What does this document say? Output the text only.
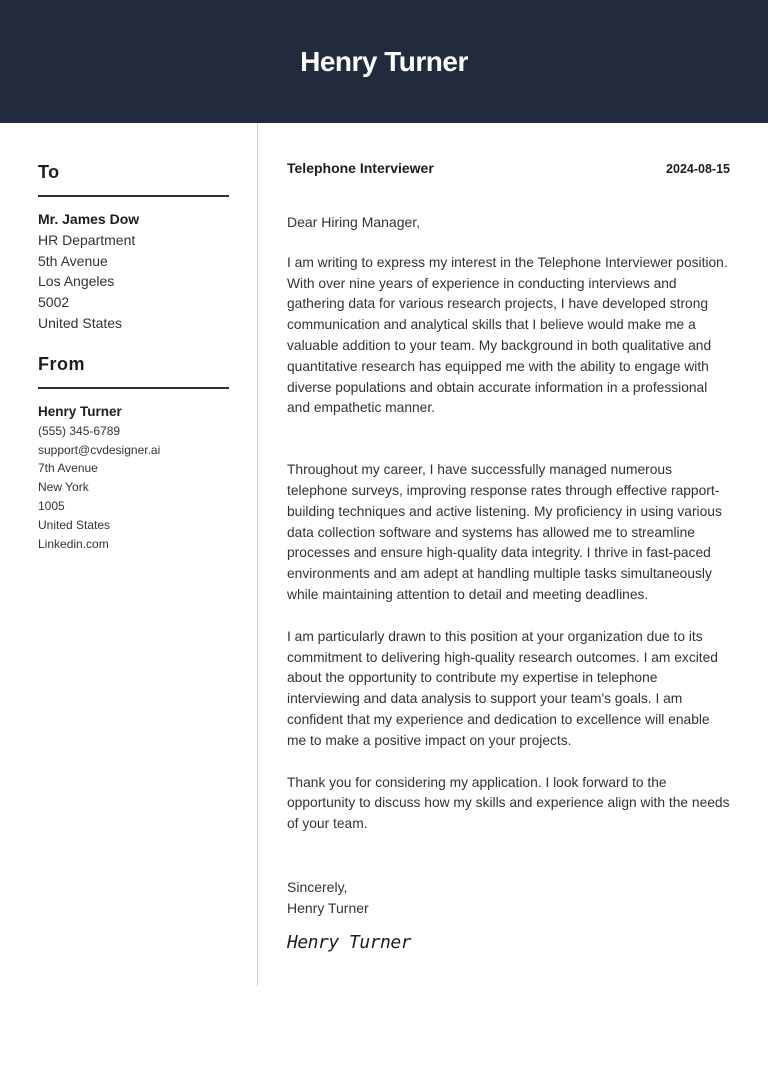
Henry Turner
To
Mr. James Dow
HR Department
5th Avenue
Los Angeles
5002
United States
From
Henry Turner
(555) 345-6789
support@cvdesigner.ai
7th Avenue
New York
1005
United States
Linkedin.com
Telephone Interviewer	2024-08-15
Dear Hiring Manager,

I am writing to express my interest in the Telephone Interviewer position. With over nine years of experience in conducting interviews and gathering data for various research projects, I have developed strong communication and analytical skills that I believe would make me a valuable addition to your team. My background in both qualitative and quantitative research has equipped me with the ability to engage with diverse populations and obtain accurate information in a professional and empathetic manner.

Throughout my career, I have successfully managed numerous telephone surveys, improving response rates through effective rapport-building techniques and active listening. My proficiency in using various data collection software and systems has allowed me to streamline processes and ensure high-quality data integrity. I thrive in fast-paced environments and am adept at handling multiple tasks simultaneously while maintaining attention to detail and meeting deadlines.

I am particularly drawn to this position at your organization due to its commitment to delivering high-quality research outcomes. I am excited about the opportunity to contribute my expertise in telephone interviewing and data analysis to support your team's goals. I am confident that my experience and dedication to excellence will enable me to make a positive impact on your projects.

Thank you for considering my application. I look forward to the opportunity to discuss how my skills and experience align with the needs of your team.

Sincerely,
Henry Turner
Henry Turner
